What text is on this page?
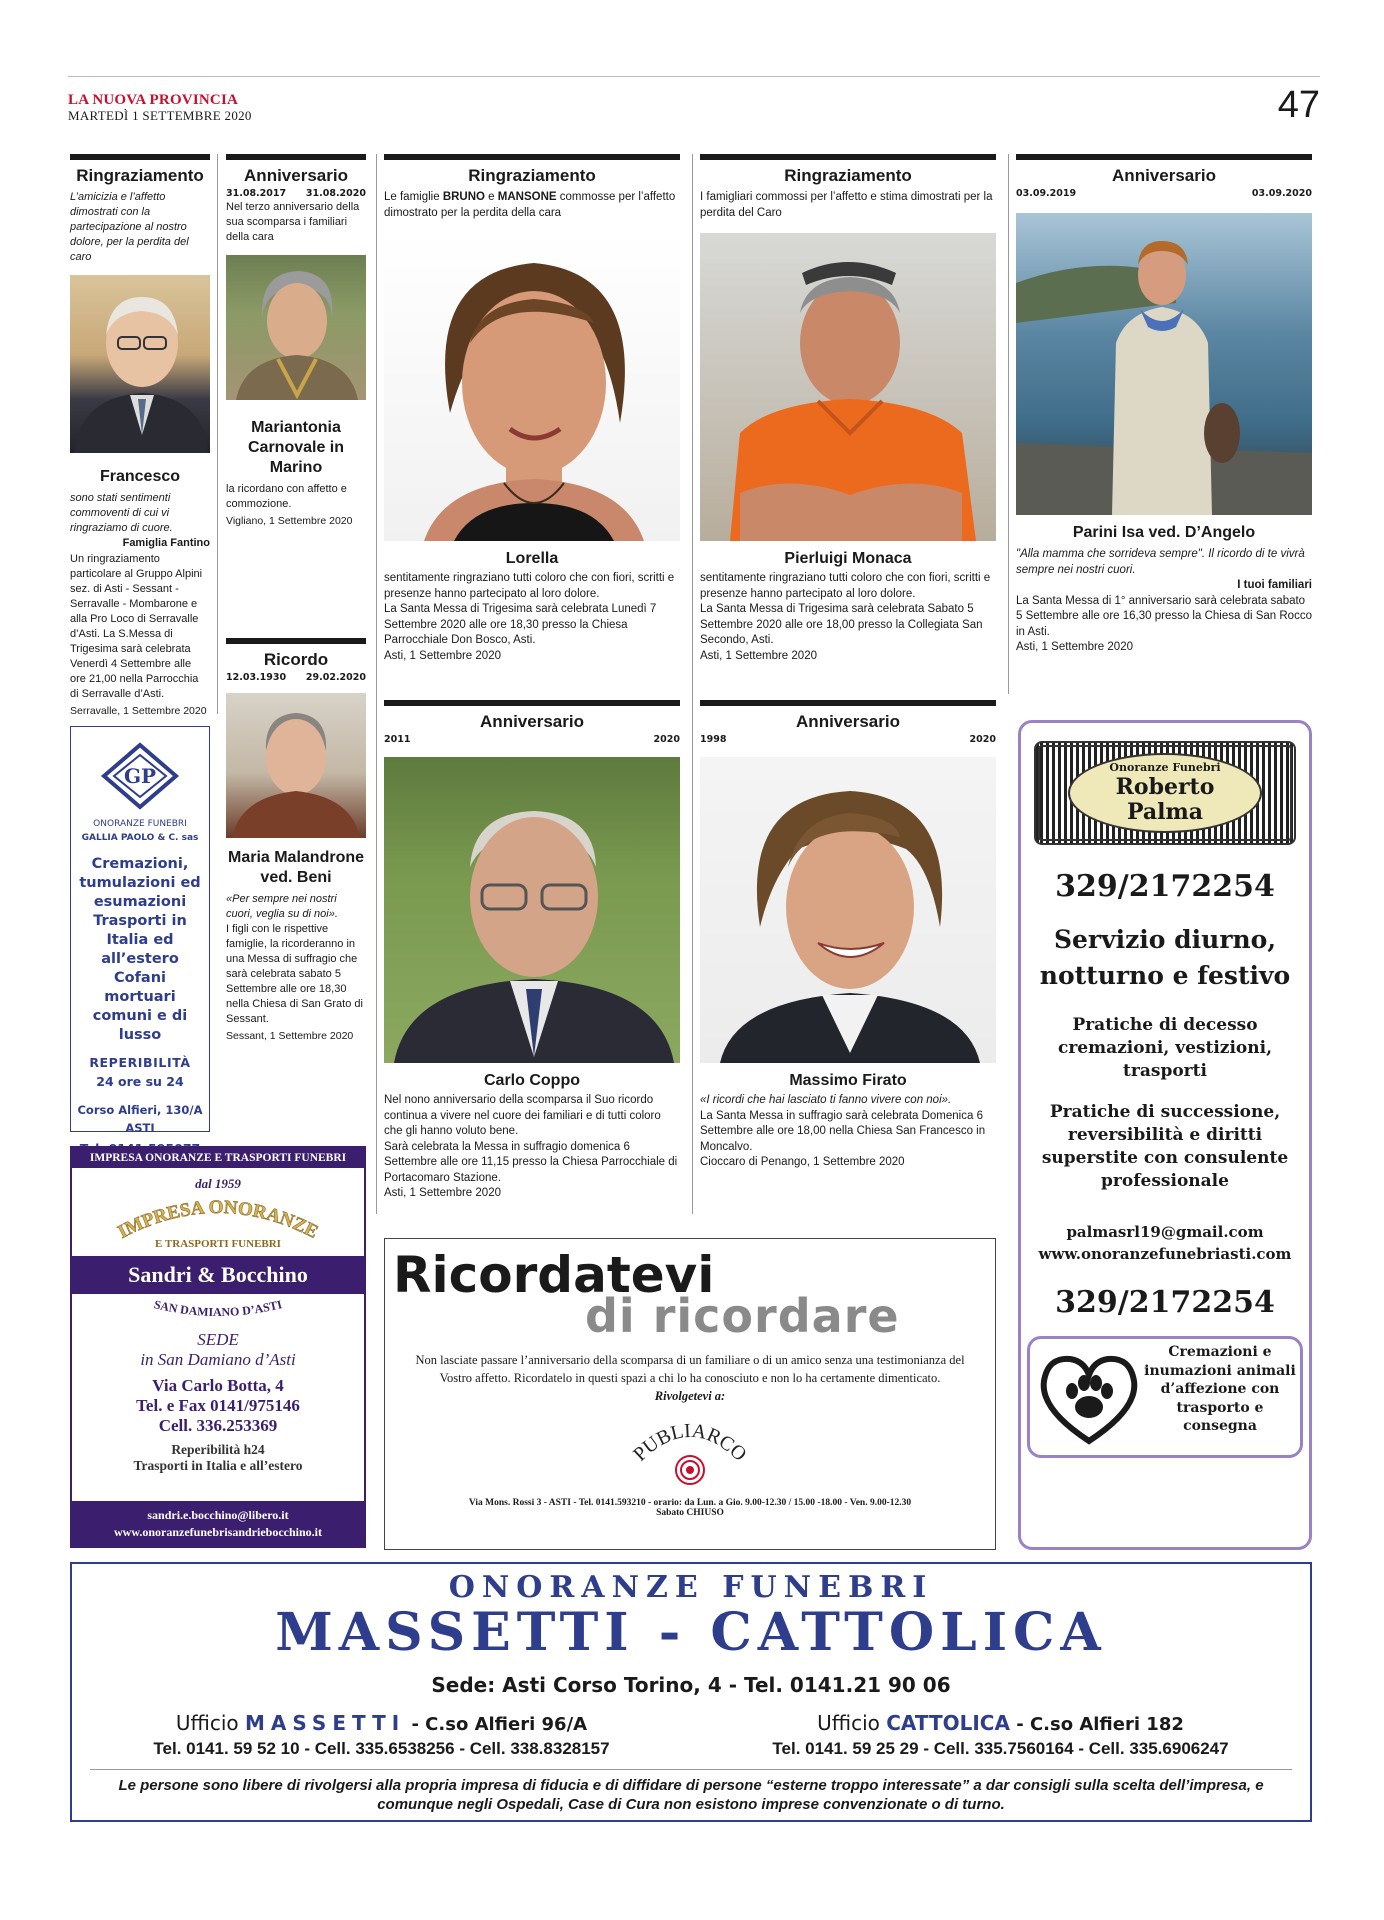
LA NUOVA PROVINCIA
MARTEDÌ 1 SETTEMBRE 2020	47
Ringraziamento
L’amicizia e l’affetto dimostrati con la partecipazione al nostro dolore, per la perdita del caro
Francesco
sono stati sentimenti commoventi di cui vi ringraziamo di cuore.
Famiglia Fantino
Un ringraziamento particolare al Gruppo Alpini sez. di Asti - Sessant - Serravalle - Mombarone e alla Pro Loco di Serravalle d’Asti. La S.Messa di Trigesima sarà celebrata Venerdì 4 Settembre alle ore 21,00 nella Parrocchia di Serravalle d’Asti.
Serravalle, 1 Settembre 2020
Anniversario
31.08.2017 31.08.2020
Nel terzo anniversario della sua scomparsa i familiari della cara
Mariantonia Carnovale in Marino
la ricordano con affetto e commozione.
Vigliano, 1 Settembre 2020
Ricordo
12.03.1930 29.02.2020
Maria Malandrone ved. Beni
«Per sempre nei nostri cuori, veglia su di noi».
I figli con le rispettive famiglie, la ricorderanno in una Messa di suffragio che sarà celebrata sabato 5 Settembre alle ore 18,30 nella Chiesa di San Grato di Sessant.
Sessant, 1 Settembre 2020
Ringraziamento
Le famiglie BRUNO e MANSONE commosse per l’affetto dimostrato per la perdita della cara
Lorella
sentitamente ringraziano tutti coloro che con fiori, scritti e presenze hanno partecipato al loro dolore.
La Santa Messa di Trigesima sarà celebrata Lunedì 7 Settembre 2020 alle ore 18,30 presso la Chiesa Parrocchiale Don Bosco, Asti.
Asti, 1 Settembre 2020
Ringraziamento
I famigliari commossi per l’affetto e stima dimostrati per la perdita del Caro
Pierluigi Monaca
sentitamente ringraziano tutti coloro che con fiori, scritti e presenze hanno partecipato al loro dolore.
La Santa Messa di Trigesima sarà celebrata Sabato 5 Settembre 2020 alle ore 18,00 presso la Collegiata San Secondo, Asti.
Asti, 1 Settembre 2020
Anniversario
03.09.2019	03.09.2020
Parini Isa ved. D’Angelo
"Alla mamma che sorrideva sempre". Il ricordo di te vivrà sempre nei nostri cuori.
I tuoi familiari
La Santa Messa di 1° anniversario sarà celebrata sabato 5 Settembre alle ore 16,30 presso la Chiesa di San Rocco in Asti.
Asti, 1 Settembre 2020
Anniversario
2011	2020
Carlo Coppo
Nel nono anniversario della scomparsa il Suo ricordo continua a vivere nel cuore dei familiari e di tutti coloro che gli hanno voluto bene.
Sarà celebrata la Messa in suffragio domenica 6 Settembre alle ore 11,15 presso la Chiesa Parrocchiale di Portacomaro Stazione.
Asti, 1 Settembre 2020
Anniversario
1998	2020
Massimo Firato
«I ricordi che hai lasciato ti fanno vivere con noi».
La Santa Messa in suffragio sarà celebrata Domenica 6 Settembre alle ore 18,00 nella Chiesa San Francesco in Moncalvo.
Cioccaro di Penango, 1 Settembre 2020
GP
ONORANZE FUNEBRI
GALLIA PAOLO & C. sas
Cremazioni, tumulazioni ed esumazioni Trasporti in Italia ed all’estero Cofani mortuari comuni e di lusso
REPERIBILITÀ
24 ore su 24
Corso Alfieri, 130/A
ASTI
IMPRESA ONORANZE E TRASPORTI FUNEBRI
dal 1959
IMPRESA ONORANZE
E TRASPORTI FUNEBRI
Sandri & Bocchino
SAN DAMIANO D’ASTI
SEDE
in San Damiano d’Asti
Via Carlo Botta, 4
Tel. e Fax 0141/975146
Cell. 336.253369
Reperibilità h24
Trasporti in Italia e all’estero
sandri.e.bocchino@libero.it
www.onoranzefunebrisandriebocchino.it
Ricordatevi
di ricordare
Non lasciate passare l’anniversario della scomparsa di un familiare o di un amico senza una testimonianza del Vostro affetto. Ricordatelo in questi spazi a chi lo ha conosciuto e non lo ha certamente dimenticato.
Rivolgetevi a:
PUBLIARCO
Via Mons. Rossi 3 - ASTI - Tel. 0141.593210 - orario: da Lun. a Gio. 9.00-12.30 / 15.00 -18.00 - Ven. 9.00-12.30
Sabato CHIUSO
Onoranze Funebri
Roberto
Palma
329/2172254
Servizio diurno, notturno e festivo
Pratiche di decesso cremazioni, vestizioni, trasporti
Pratiche di successione, reversibilità e diritti superstite con consulente professionale
palmasrl19@gmail.com
www.onoranzefunebriasti.com
329/2172254
Cremazioni e inumazioni animali d’affezione con trasporto e consegna
ONORANZE FUNEBRI
MASSETTI - CATTOLICA
Sede: Asti Corso Torino, 4 - Tel. 0141.21 90 06
Ufficio MASSETTI - C.so Alfieri 96/A
Tel. 0141. 59 52 10 - Cell. 335.6538256 - Cell. 338.8328157
Ufficio CATTOLICA - C.so Alfieri 182
Tel. 0141. 59 25 29 - Cell. 335.7560164 - Cell. 335.6906247
Le persone sono libere di rivolgersi alla propria impresa di fiducia e di diffidare di persone “esterne troppo interessate” a dar consigli sulla scelta dell’impresa, e comunque negli Ospedali, Case di Cura non esistono imprese convenzionate o di turno.
